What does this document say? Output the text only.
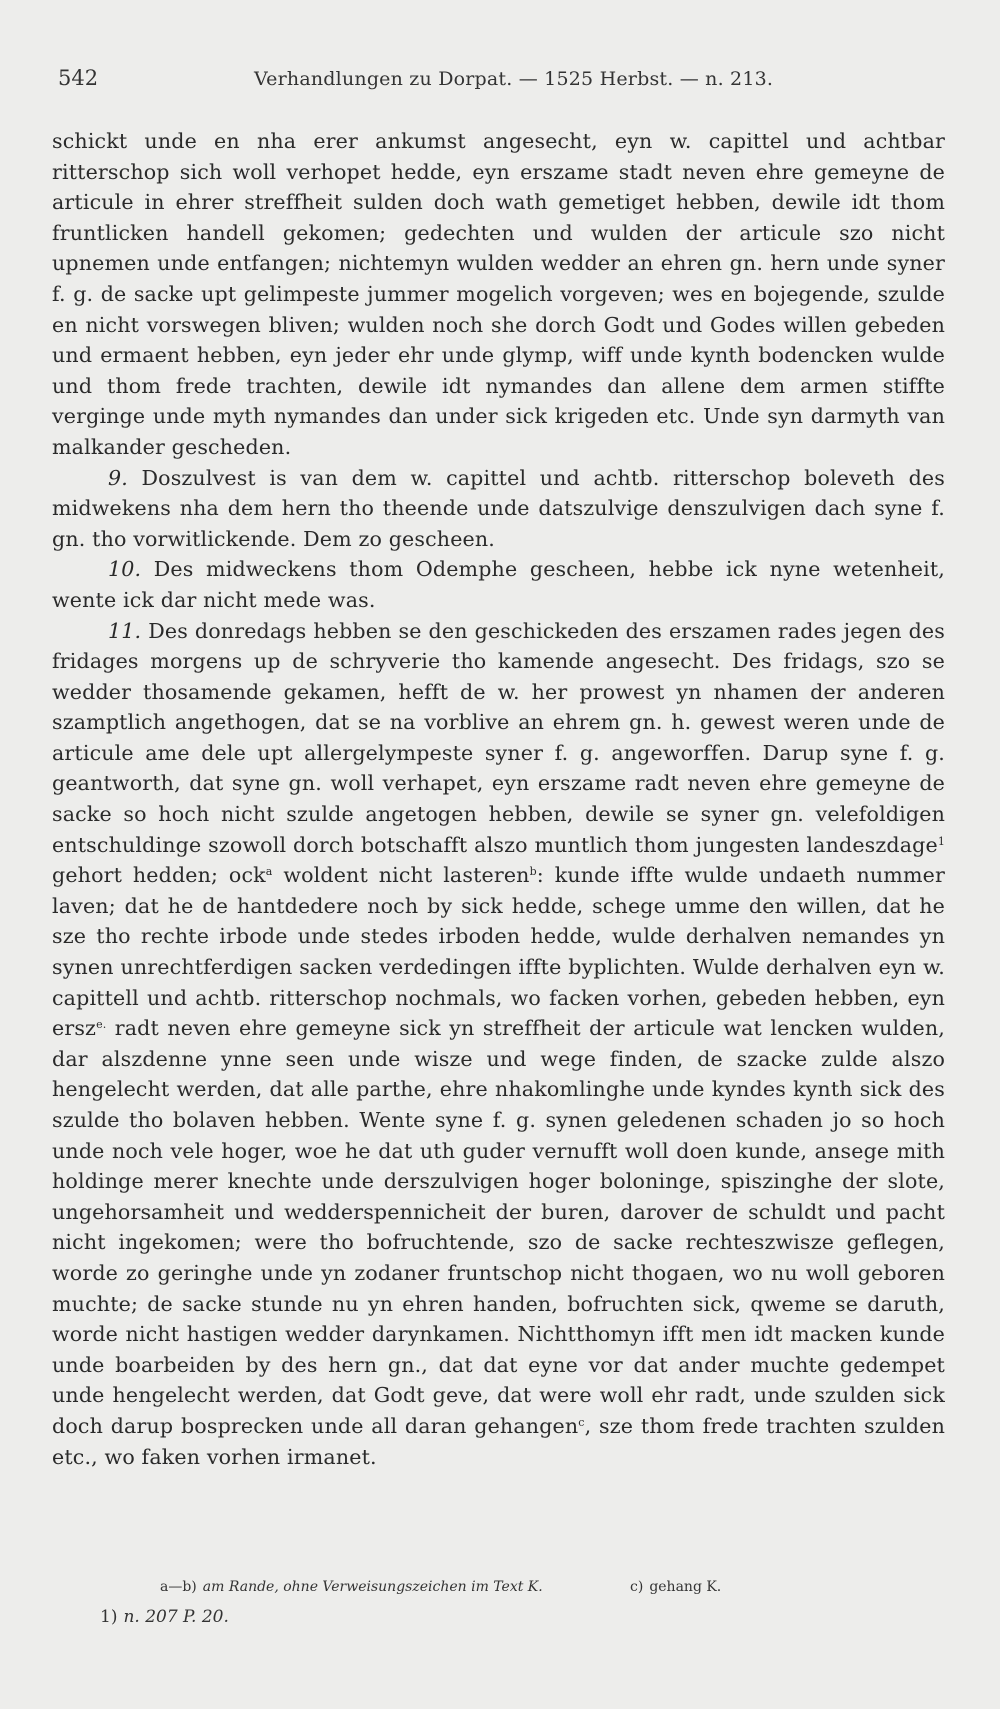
542	Verhandlungen zu Dorpat. — 1525 Herbst. — n. 213.

schickt unde en nha erer ankumst angesecht, eyn w. capittel und achtbar ritterschop sich woll verhopet hedde, eyn erszame stadt neven ehre gemeyne de articule in ehrer streffheit sulden doch wath gemetiget hebben, dewile idt thom fruntlicken handell gekomen; gedechten und wulden der articule szo nicht upnemen unde entfangen; nichtemyn wulden wedder an ehren gn. hern unde syner f. g. de sacke upt gelimpeste jummer mogelich vorgeven; wes en bojegende, szulde en nicht vorswegen bliven; wulden noch she dorch Godt und Godes willen gebeden und ermaent hebben, eyn jeder ehr unde glymp, wiff unde kynth bodencken wulde und thom frede trachten, dewile idt nymandes dan allene dem armen stiffte verginge unde myth nymandes dan under sick krigeden etc. Unde syn darmyth van malkander gescheden.

9. Doszulvest is van dem w. capittel und achtb. ritterschop boleveth des midwekens nha dem hern tho theende unde datszulvige denszulvigen dach syne f. gn. tho vorwitlickende. Dem zo gescheen.

10. Des midweckens thom Odemphe gescheen, hebbe ick nyne wetenheit, wente ick dar nicht mede was.

11. Des donredags hebben se den geschickeden des erszamen rades jegen des fridages morgens up de schryverie tho kamende angesecht. Des fridags, szo se wedder thosamende gekamen, hefft de w. her prowest yn nhamen der anderen szamptlich angethogen, dat se na vorblive an ehrem gn. h. gewest weren unde de articule ame dele upt allergelympeste syner f. g. angeworffen. Darup syne f. g. geantworth, dat syne gn. woll verhapet, eyn erszame radt neven ehre gemeyne de sacke so hoch nicht szulde angetogen hebben, dewile se syner gn. velefoldigen entschuldinge szowoll dorch botschafft alszo muntlich thom jungesten landeszdage$^1$ gehort hedden; ock$^a$ woldent nicht lasteren$^b$: kunde iffte wulde undaeth nummer laven; dat he de hantdedere noch by sick hedde, schege umme den willen, dat he sze tho rechte irbode unde stedes irboden hedde, wulde derhalven nemandes yn synen unrechtferdigen sacken verdedingen iffte byplichten. Wulde derhalven eyn w. capittell und achtb. ritterschop nochmals, wo facken vorhen, gebeden hebben, eyn ersz$^{e.}$ radt neven ehre gemeyne sick yn streffheit der articule wat lencken wulden, dar alszdenne ynne seen unde wisze und wege finden, de szacke zulde alszo hengelecht werden, dat alle parthe, ehre nhakomlinghe unde kyndes kynth sick des szulde tho bolaven hebben. Wente syne f. g. synen geledenen schaden jo so hoch unde noch vele hoger, woe he dat uth guder vernufft woll doen kunde, ansege mith holdinge merer knechte unde derszulvigen hoger boloninge, spiszinghe der slote, ungehorsamheit und wedderspennicheit der buren, darover de schuldt und pacht nicht ingekomen; were tho bofruchtende, szo de sacke rechteszwisze geflegen, worde zo geringhe unde yn zodaner fruntschop nicht thogaen, wo nu woll geboren muchte; de sacke stunde nu yn ehren handen, bofruchten sick, qweme se daruth, worde nicht hastigen wedder darynkamen. Nichtthomyn ifft men idt macken kunde unde boarbeiden by des hern gn., dat dat eyne vor dat ander muchte gedempet unde hengelecht werden, dat Godt geve, dat were woll ehr radt, unde szulden sick doch darup bosprecken unde all daran gehangen$^c$, sze thom frede trachten szulden etc., wo faken vorhen irmanet.

a—b) am Rande, ohne Verweisungszeichen im Text K.	c) gehang K.
1) n. 207 P. 20.
